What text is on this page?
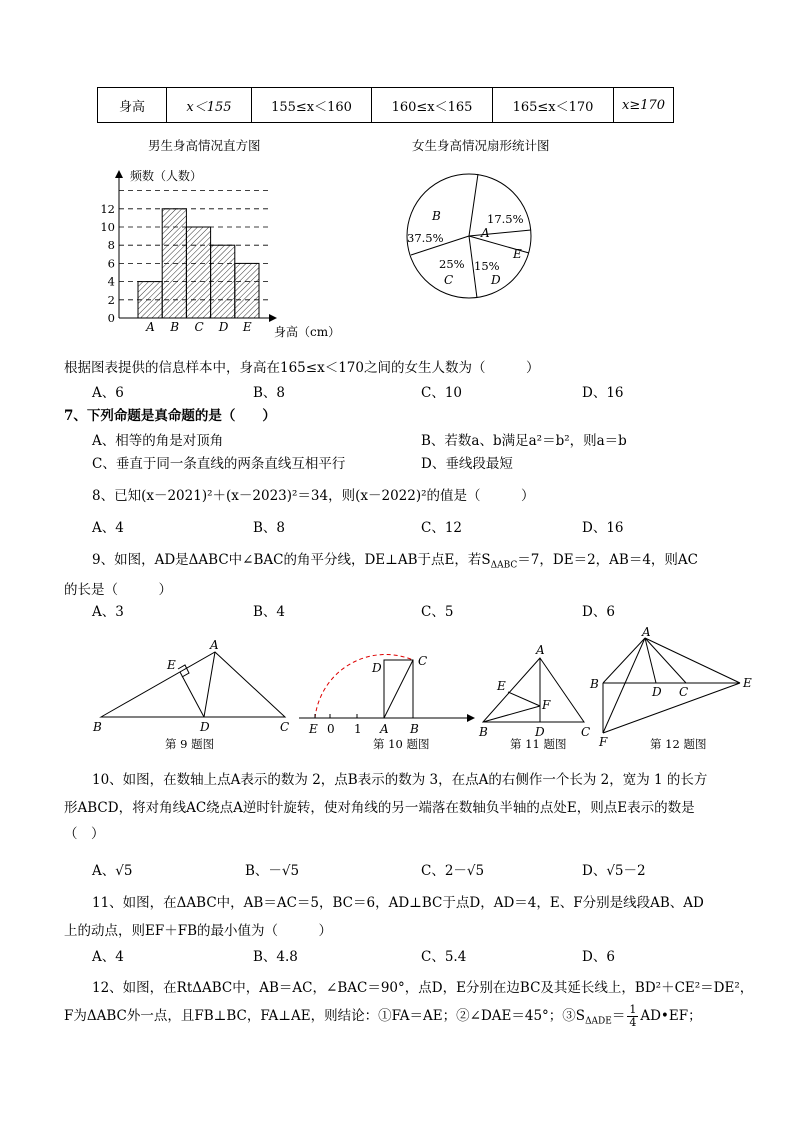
身高	x＜155	155≤x＜160	160≤x＜165	165≤x＜170	x≥170
男生身高情况直方图	女生身高情况扇形统计图
频数（人数）
身高（cm）
0
2
4
6
8
10
12
A B C D E
B
37.5%
17.5%
A
E
25%
C
15%
D
根据图表提供的信息样本中，身高在165≤x＜170之间的女生人数为（　　　）
A、6	B、8	C、10	D、16
7、下列命题是真命题的是（　　）
A、相等的角是对顶角	B、若数a、b满足a²＝b²，则a＝b
C、垂直于同一条直线的两条直线互相平行	D、垂线段最短
8、已知(x－2021)²＋(x－2023)²＝34，则(x－2022)²的值是（　　　）
A、4	B、8	C、12	D、16
9、如图，AD是ΔABC中∠BAC的角平分线，DE⊥AB于点E，若$S_{\Delta ABC}=7$，DE＝2，AB＝4，则AC
的长是（　　　）
A、3	B、4	C、5	D、6
A
E
B	D	C
第 9 题图
E 0 1 A B
C
D
第 10 题图
A
E
F
B	D	C
第 11 题图
A
B
D C
E
F	第 12 题图
10、如图，在数轴上点A表示的数为 2，点B表示的数为 3，在点A的右侧作一个长为 2，宽为 1 的长方
形ABCD，将对角线AC绕点A逆时针旋转，使对角线的另一端落在数轴负半轴的点处E，则点E表示的数是
（　）
A、√5	B、－√5	C、2－√5	D、√5－2
11、如图，在ΔABC中，AB＝AC＝5，BC＝6，AD⊥BC于点D，AD＝4，E、F分别是线段AB、AD
上的动点，则EF＋FB的最小值为（　　　）
A、4	B、4.8	C、5.4	D、6
12、如图，在RtΔABC中，AB＝AC，∠BAC＝90°，点D，E分别在边BC及其延长线上，BD²＋CE²＝DE²，
F为ΔABC外一点，且FB⊥BC，FA⊥AE，则结论：①FA＝AE；②∠DAE＝45°；$③S_{\Delta ADE}= \frac{1}{4}$ AD•EF；
